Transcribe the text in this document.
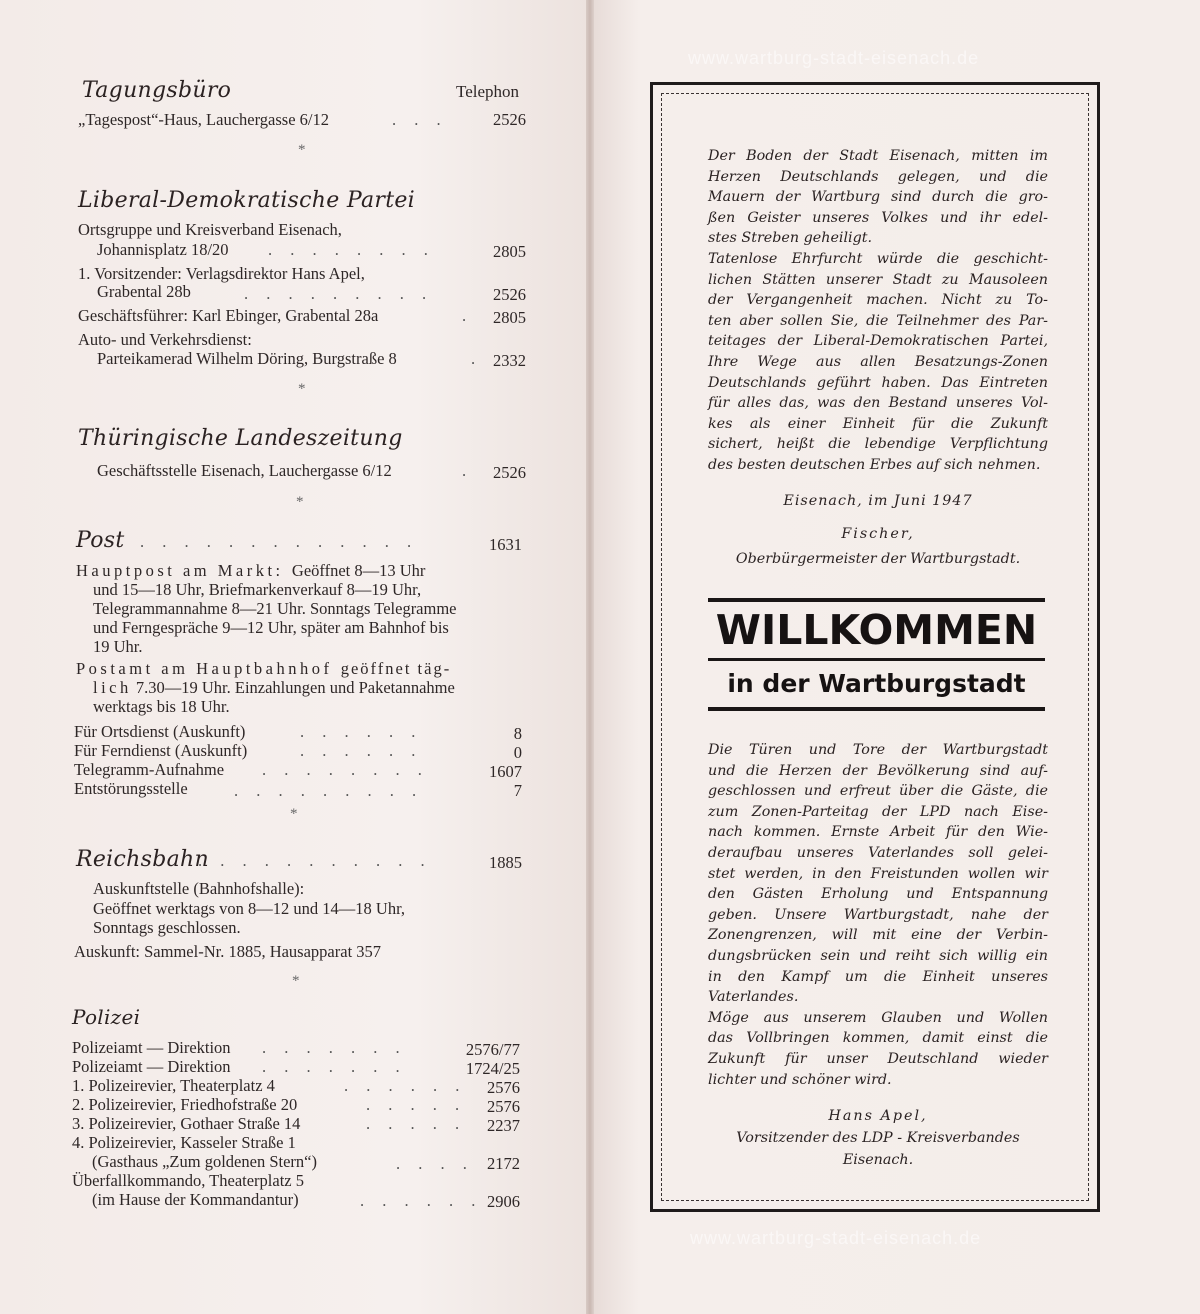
Tagungsbüro	Telephon
„Tagespost“-Haus, Lauchergasse 6/12	. . .	2526
*
Liberal-Demokratische Partei
Ortsgruppe und Kreisverband Eisenach,
Johannisplatz 18/20 . . . . . . . .	2805
1. Vorsitzender: Verlagsdirektor Hans Apel,
Grabental 28b	. . . . . . . . .	2526
Geschäftsführer: Karl Ebinger, Grabental 28a	.	2805
Auto- und Verkehrsdienst:
Parteikamerad Wilhelm Döring, Burgstraße 8	. 2332
*
Thüringische Landeszeitung
Geschäftsstelle Eisenach, Lauchergasse 6/12	.	2526
*
Post . . . . . . . . . . . . .	1631
Hauptpost am Markt: Geöffnet 8—13 Uhr
und 15—18 Uhr, Briefmarkenverkauf 8—19 Uhr,
Telegrammannahme 8—21 Uhr. Sonntags Telegramme
und Ferngespräche 9—12 Uhr, später am Bahnhof bis
19 Uhr.
Postamt am Hauptbahnhof geöffnet täg-
lich 7.30—19 Uhr. Einzahlungen und Paketannahme
werktags bis 18 Uhr.
Für Ortsdienst (Auskunft)	. . . . . .	8
Für Ferndienst (Auskunft)	. . . . . .	0
Telegramm-Aufnahme . . . . . . . .	1607
Entstörungsstelle	. . . . . . . . .	7
*
Reichsbahn
. . . . . . . . . . .	1885
Auskunftstelle (Bahnhofshalle):
Geöffnet werktags von 8—12 und 14—18 Uhr,
Sonntags geschlossen.
Auskunft: Sammel-Nr. 1885, Hausapparat 357
*
Polizei
Polizeiamt — Direktion . . . . . . .	2576/77
Polizeiamt — Direktion . . . . . . .	1724/25
1. Polizeirevier, Theaterplatz 4	. . . . . .	2576
2. Polizeirevier, Friedhofstraße 20	. . . . .	2576
3. Polizeirevier, Gothaer Straße 14	. . . . .	2237
4. Polizeirevier, Kasseler Straße 1
(Gasthaus „Zum goldenen Stern“)	. . . . 2172
Überfallkommando, Theaterplatz 5
(im Hause der Kommandantur)	. . . . . . 2906
www.wartburg-stadt-eisenach.de
www.wartburg-stadt-eisenach.de
Der Boden der Stadt Eisenach, mitten im
Herzen Deutschlands gelegen, und die
Mauern der Wartburg sind durch die gro-
ßen Geister unseres Volkes und ihr edel-
stes Streben geheiligt.
Tatenlose Ehrfurcht würde die geschicht-
lichen Stätten unserer Stadt zu Mausoleen
der Vergangenheit machen. Nicht zu To-
ten aber sollen Sie, die Teilnehmer des Par-
teitages der Liberal-Demokratischen Partei,
Ihre Wege aus allen Besatzungs-Zonen
Deutschlands geführt haben. Das Eintreten
für alles das, was den Bestand unseres Vol-
kes als einer Einheit für die Zukunft
sichert, heißt die lebendige Verpflichtung
des besten deutschen Erbes auf sich nehmen.
Eisenach, im Juni 1947
Fischer,
Oberbürgermeister der Wartburgstadt.
WILLKOMMEN
in der Wartburgstadt
Die Türen und Tore der Wartburgstadt
und die Herzen der Bevölkerung sind auf-
geschlossen und erfreut über die Gäste, die
zum Zonen-Parteitag der LPD nach Eise-
nach kommen. Ernste Arbeit für den Wie-
deraufbau unseres Vaterlandes soll gelei-
stet werden, in den Freistunden wollen wir
den Gästen Erholung und Entspannung
geben. Unsere Wartburgstadt, nahe der
Zonengrenzen, will mit eine der Verbin-
dungsbrücken sein und reiht sich willig ein
in den Kampf um die Einheit unseres
Vaterlandes.
Möge aus unserem Glauben und Wollen
das Vollbringen kommen, damit einst die
Zukunft für unser Deutschland wieder
lichter und schöner wird.
Hans Apel,
Vorsitzender des LDP - Kreisverbandes
Eisenach.
